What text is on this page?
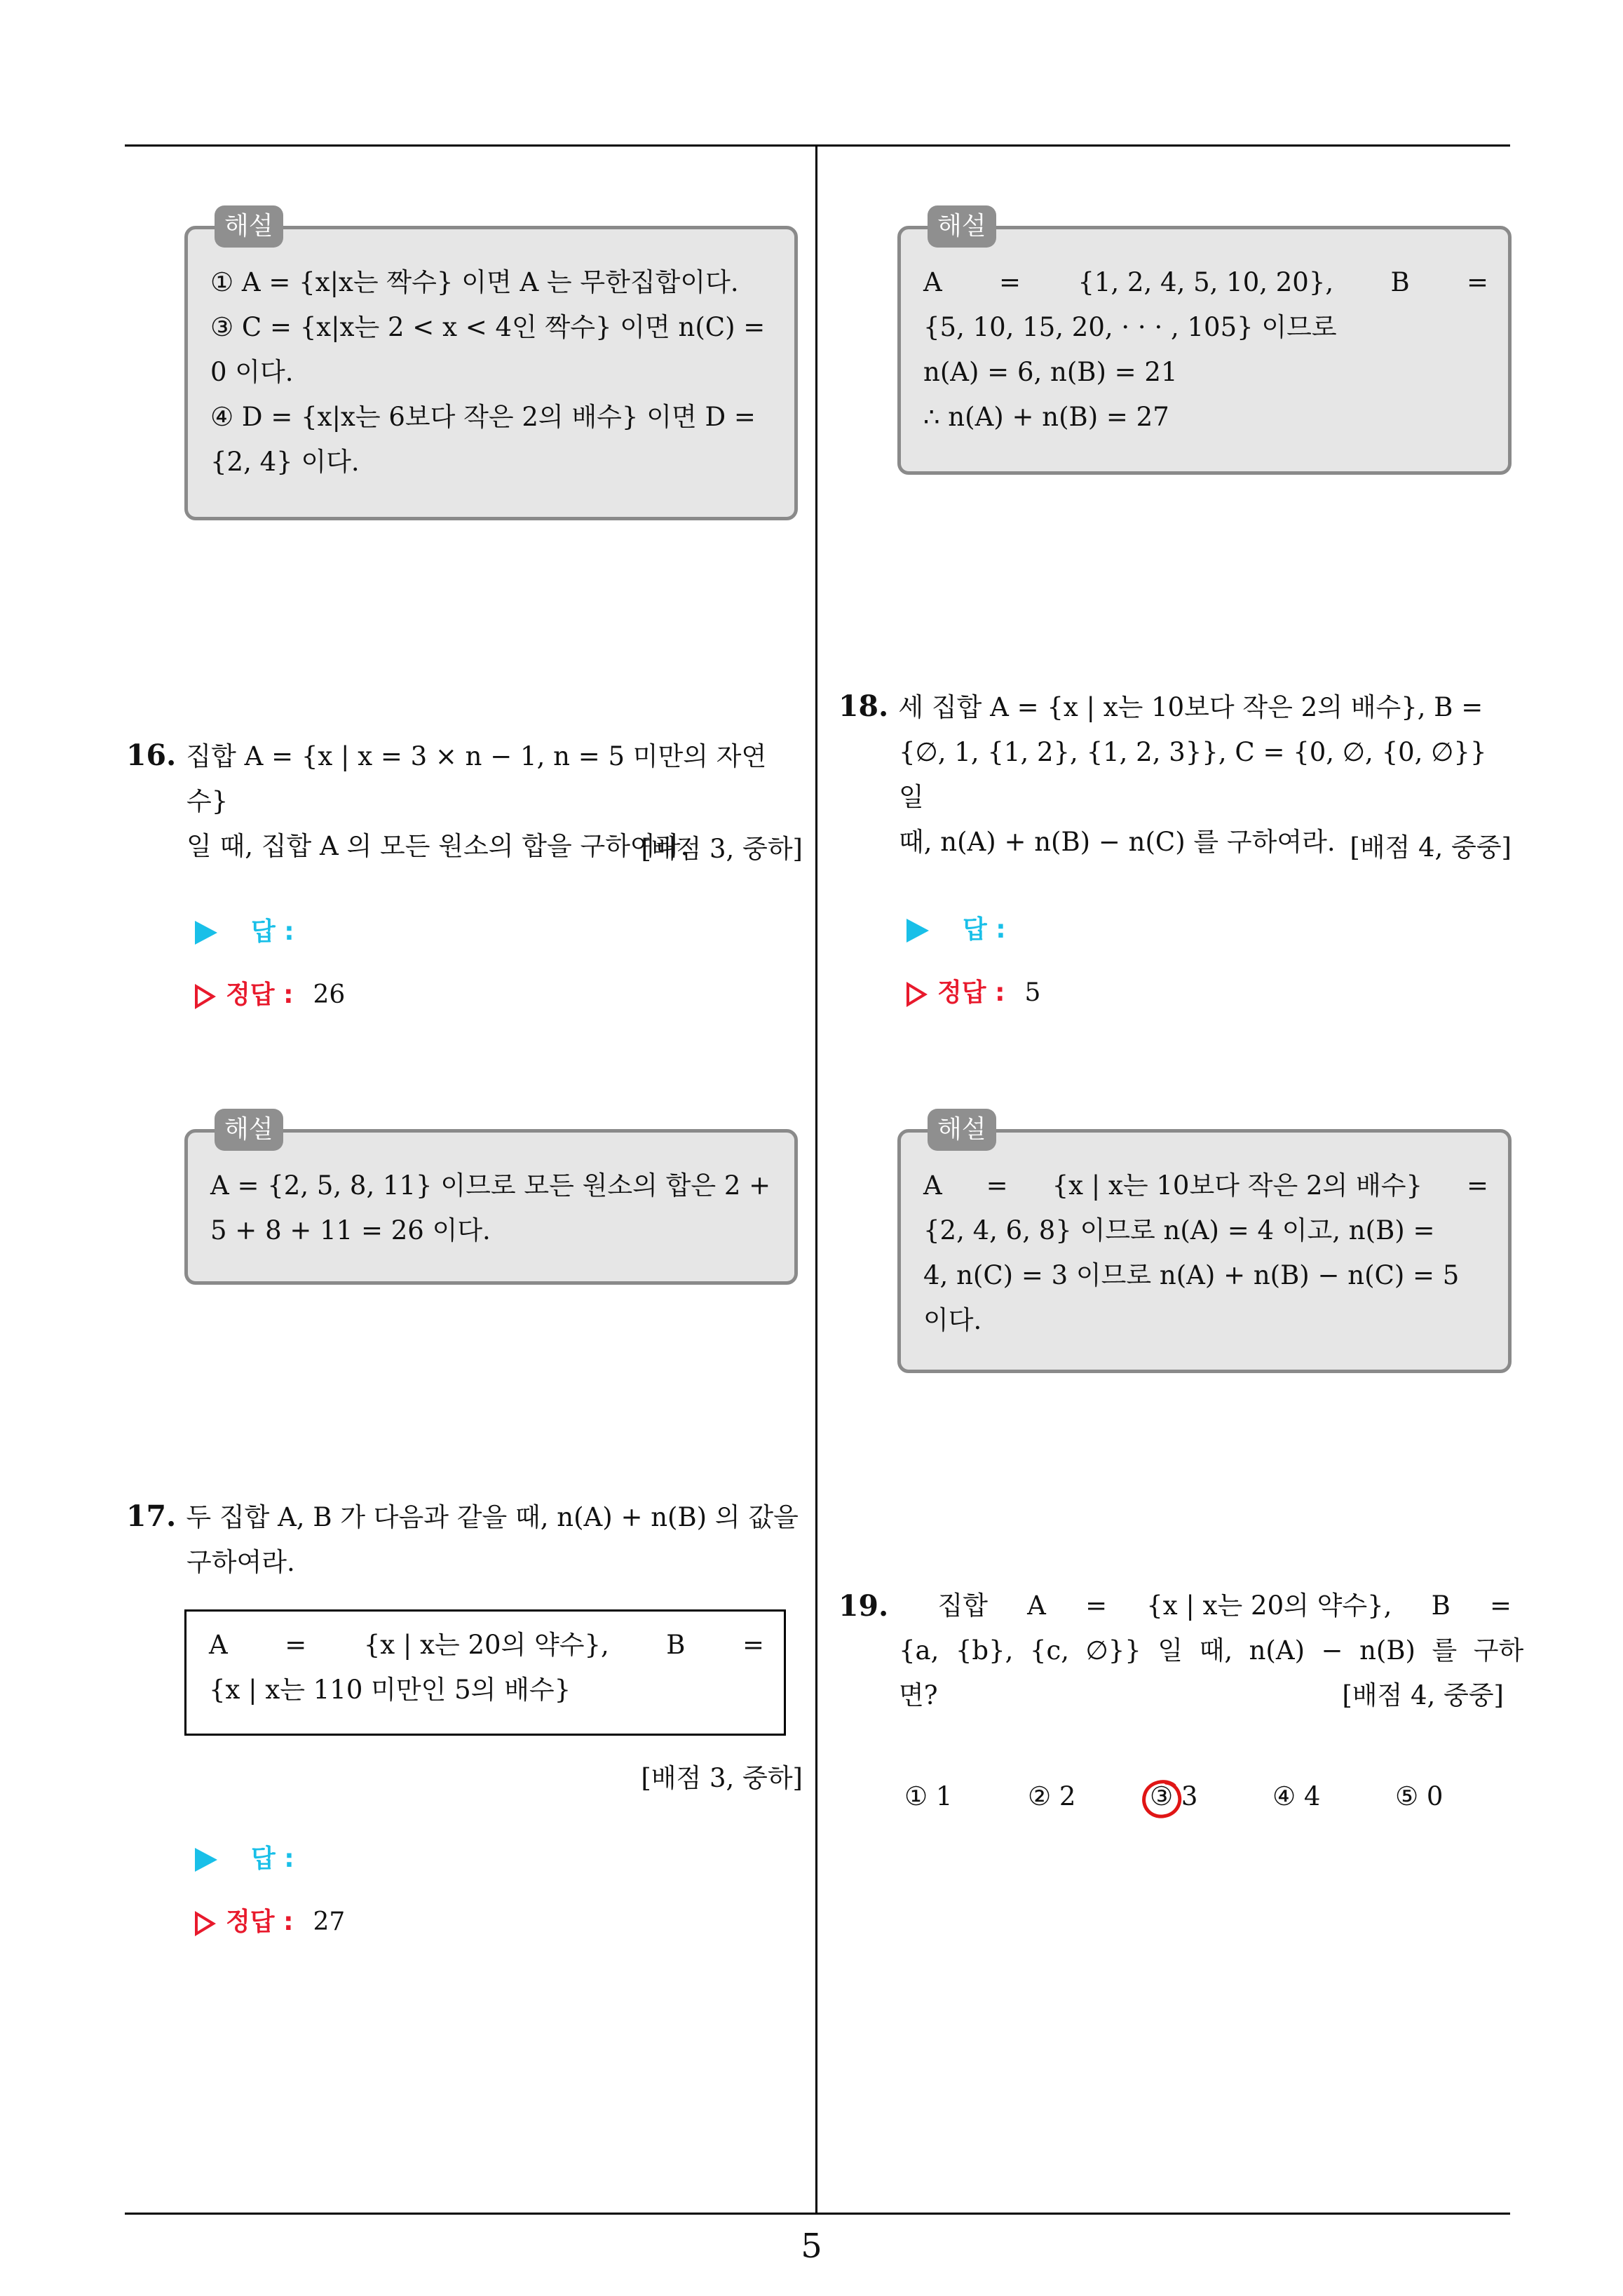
5
해설
① A = {x|x는 짝수} 이면 A 는 무한집합이다.
③ C = {x|x는 2 < x < 4인 짝수} 이면 n(C) =
0 이다.
④ D = {x|x는 6보다 작은 2의 배수} 이면 D =
{2, 4} 이다.
16. 집합 A = {x | x = 3 × n − 1, n = 5 미만의 자연수}
일 때, 집합 A 의 모든 원소의 합을 구하여라.
[배점 3, 중하]
답 :
정답 : 26
해설
A = {2, 5, 8, 11} 이므로 모든 원소의 합은 2 +
5 + 8 + 11 = 26 이다.
17. 두 집합 A, B 가 다음과 같을 때, n(A) + n(B) 의 값을
구하여라.
A = {x | x는 20의 약수}, B =
{x | x는 110 미만인 5의 배수}
[배점 3, 중하]
답 :
정답 : 27
해설
A = {1, 2, 4, 5, 10, 20}, B =
{5, 10, 15, 20, · · · , 105} 이므로
n(A) = 6, n(B) = 21
∴ n(A) + n(B) = 27
18. 세 집합 A = {x | x는 10보다 작은 2의 배수}, B =
{∅, 1, {1, 2}, {1, 2, 3}}, C = {0, ∅, {0, ∅}} 일
때, n(A) + n(B) − n(C) 를 구하여라. [배점 4, 중중]
답 :
정답 : 5
해설
A = {x | x는 10보다 작은 2의 배수} =
{2, 4, 6, 8} 이므로 n(A) = 4 이고, n(B) =
4, n(C) = 3 이므로 n(A) + n(B) − n(C) = 5
이다.
19. 집합 A = {x | x는 20의 약수}, B =
{a,  {b},  {c,  ∅}}  일  때,  n(A)  −  n(B)  를  구하
면?	[배점 4, 중중]
① 1	② 2	③ 3	④ 4	⑤ 0
